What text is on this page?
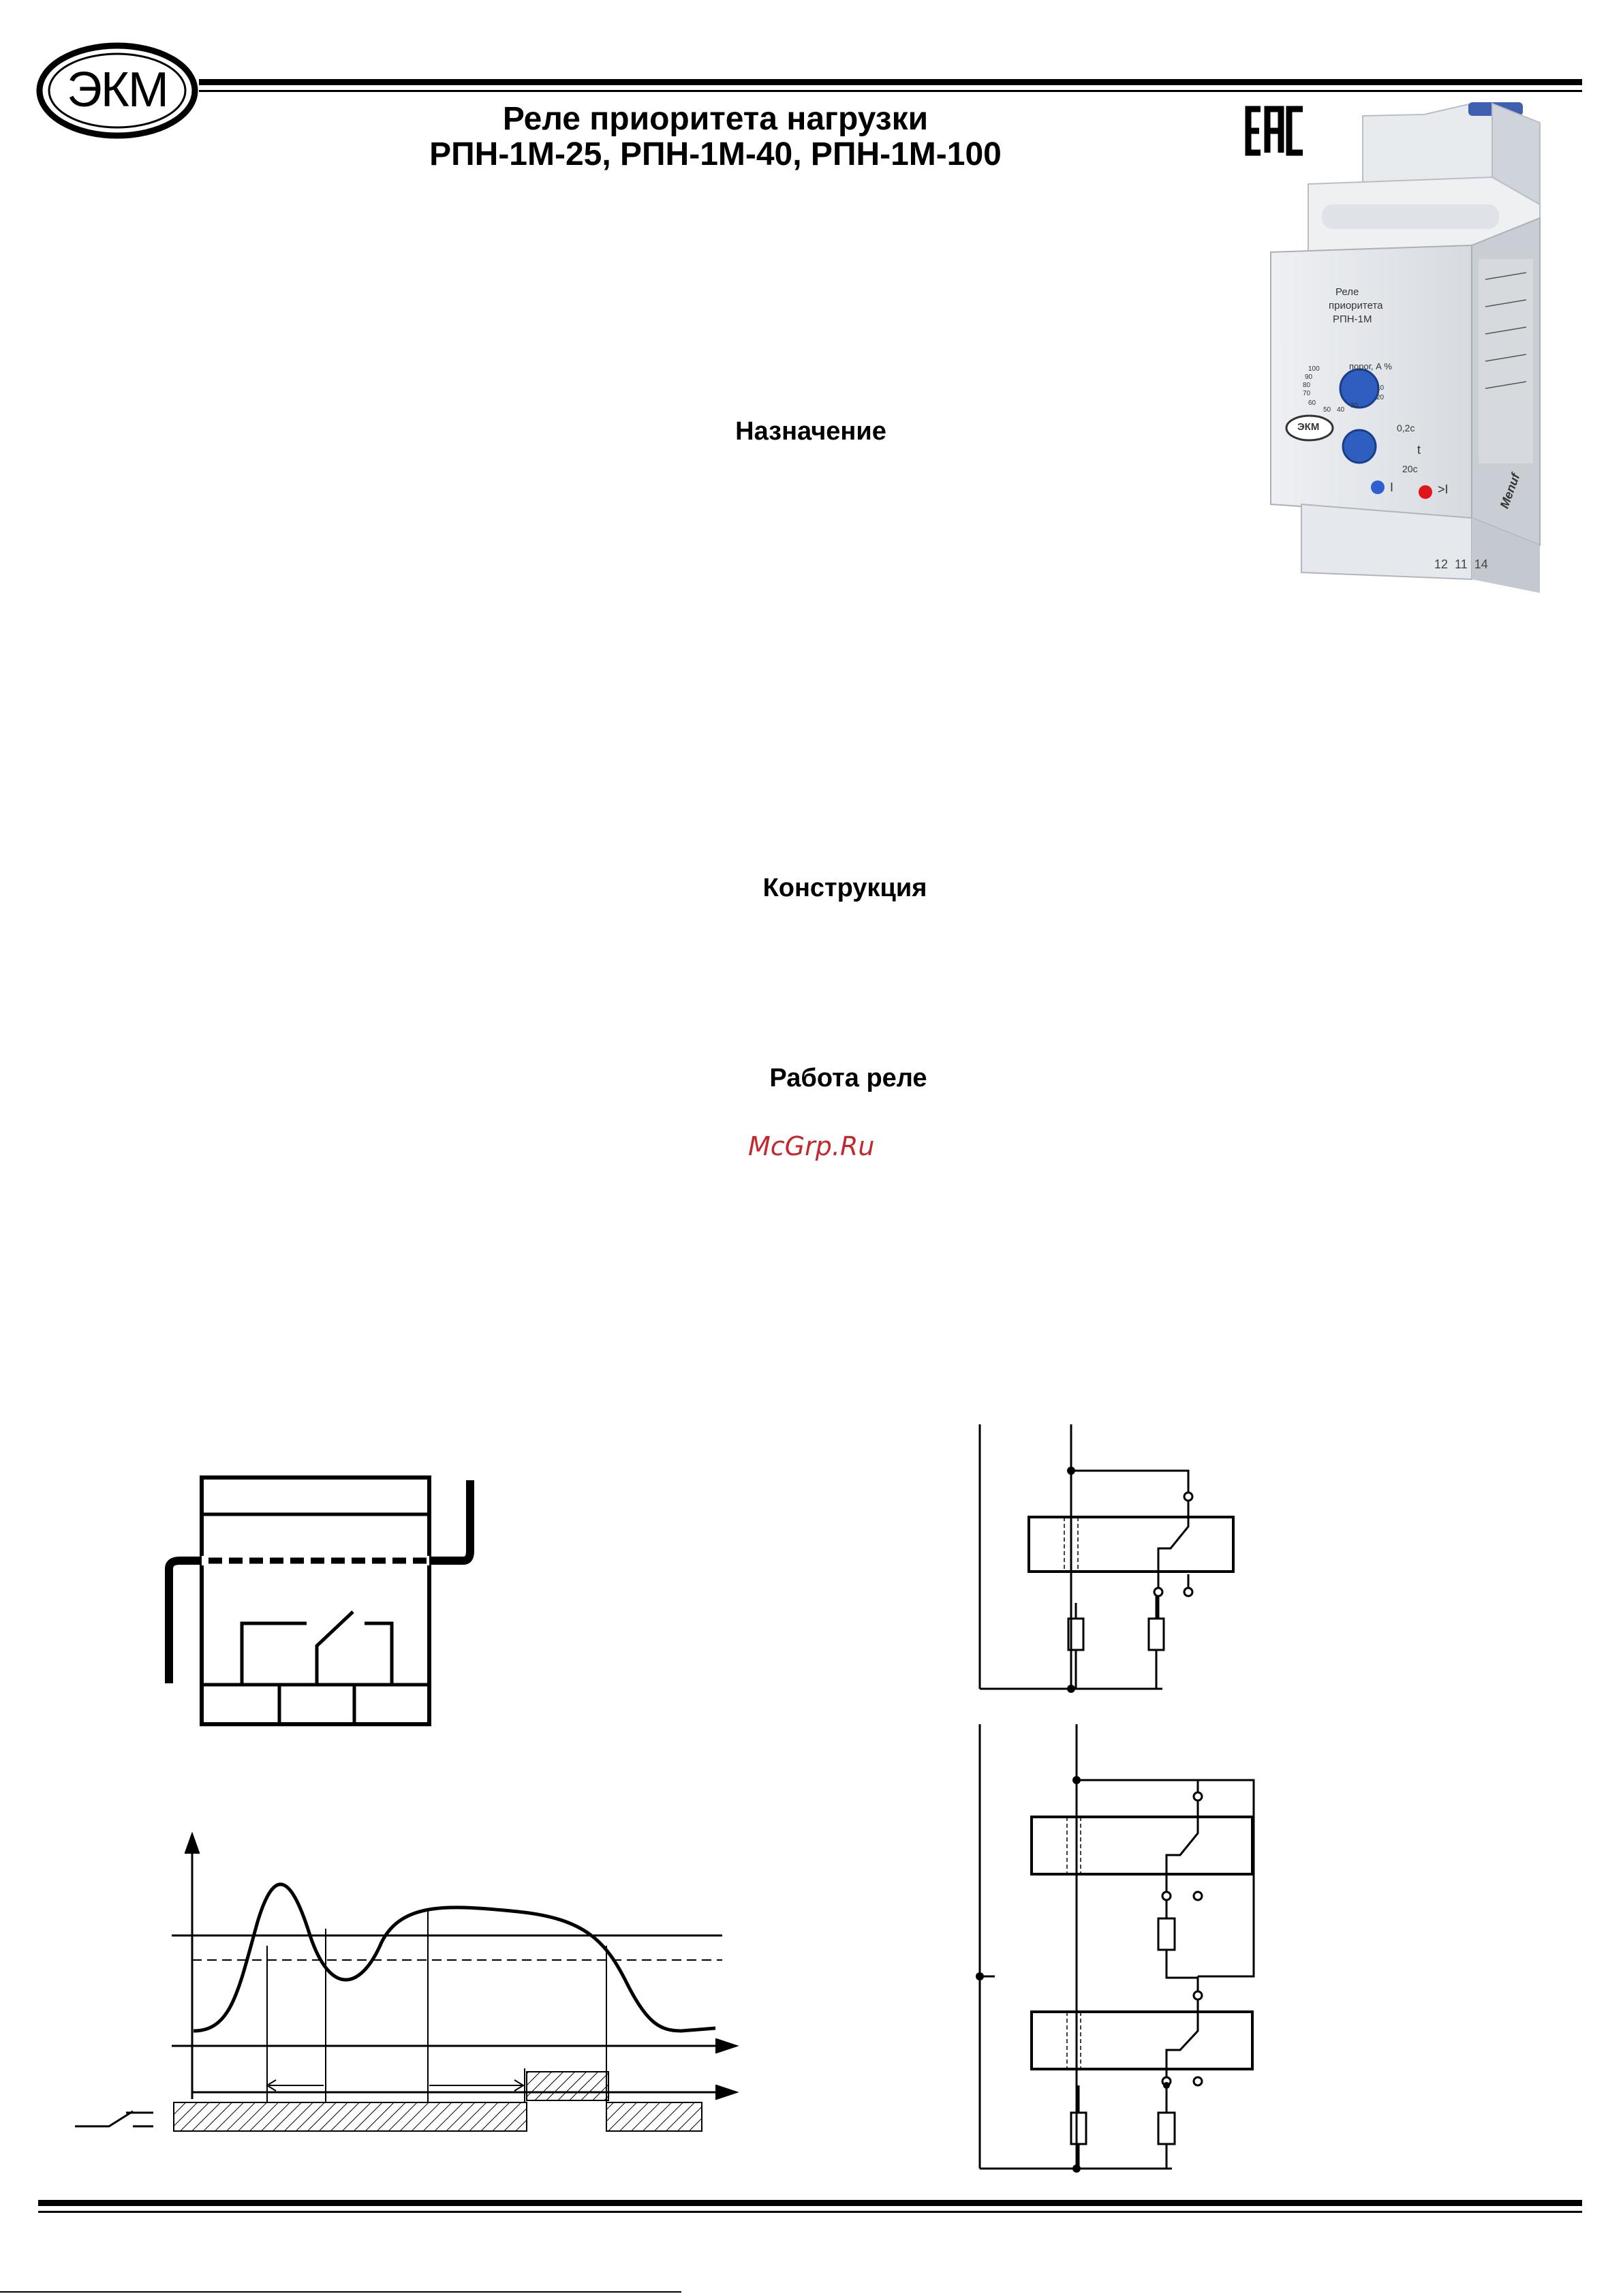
ЭКМ
Реле приоритета нагрузки
РПН-1М-25, РПН-1М-40, РПН-1М-100
Реле
приоритета
РПН-1М
порог, А %
100
90
80
70
60
50 40
30
20
10
0,2с
t
20с
ЭКМ
I	>I
12  11  14
Menuf
Назначение
Конструкция
Работа реле
McGrp.Ru
